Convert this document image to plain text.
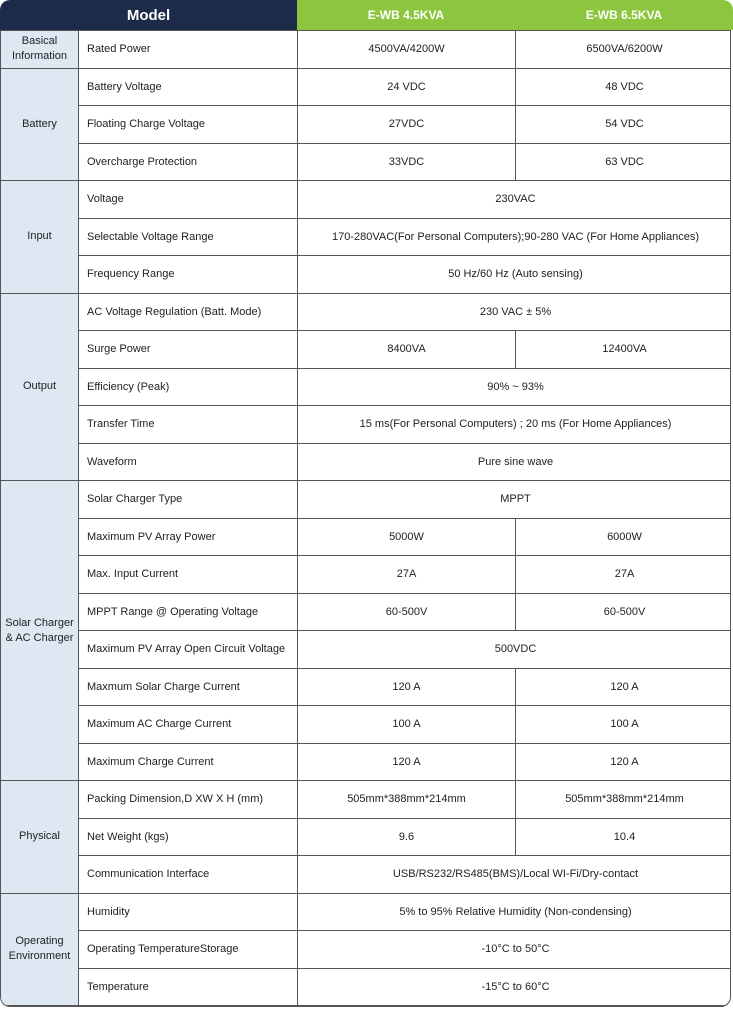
Model	E-WB 4.5KVA	E-WB 6.5KVA
Basical
Information	Rated Power	4500VA/4200W	6500VA/6200W
Battery	Battery Voltage	24 VDC	48 VDC
	Floating Charge Voltage	27VDC	54 VDC
	Overcharge Protection	33VDC	63 VDC
Input	Voltage	230VAC	
	Selectable Voltage Range	170-280VAC(For Personal Computers);90-280 VAC (For Home Appliances)	
	Frequency Range	50 Hz/60 Hz (Auto sensing)	
Output	AC Voltage Regulation (Batt. Mode)	230 VAC ± 5%	
	Surge Power	8400VA	12400VA
	Efficiency (Peak)	90% ~ 93%	
	Transfer Time	15 ms(For Personal Computers) ; 20 ms (For Home Appliances)	
	Waveform	Pure sine wave	
Solar Charger
& AC Charger	Solar Charger Type	MPPT	
	Maximum PV Array Power	5000W	6000W
	Max. Input Current	27A	27A
	MPPT Range @ Operating Voltage	60-500V	60-500V
	Maximum PV Array Open Circuit Voltage	500VDC	
	Maxmum Solar Charge Current	120 A	120 A
	Maximum AC Charge Current	100 A	100 A
	Maximum Charge Current	120 A	120 A
Physical	Packing Dimension,D XW X H (mm)	505mm*388mm*214mm	505mm*388mm*214mm
	Net Weight (kgs)	9.6	10.4
	Communication Interface	USB/RS232/RS485(BMS)/Local WI-Fi/Dry-contact	
Operating
Environment	Humidity	5% to 95% Relative Humidity (Non-condensing)	
	Operating TemperatureStorage	-10°C to 50°C	
	Temperature	-15°C to 60°C	
